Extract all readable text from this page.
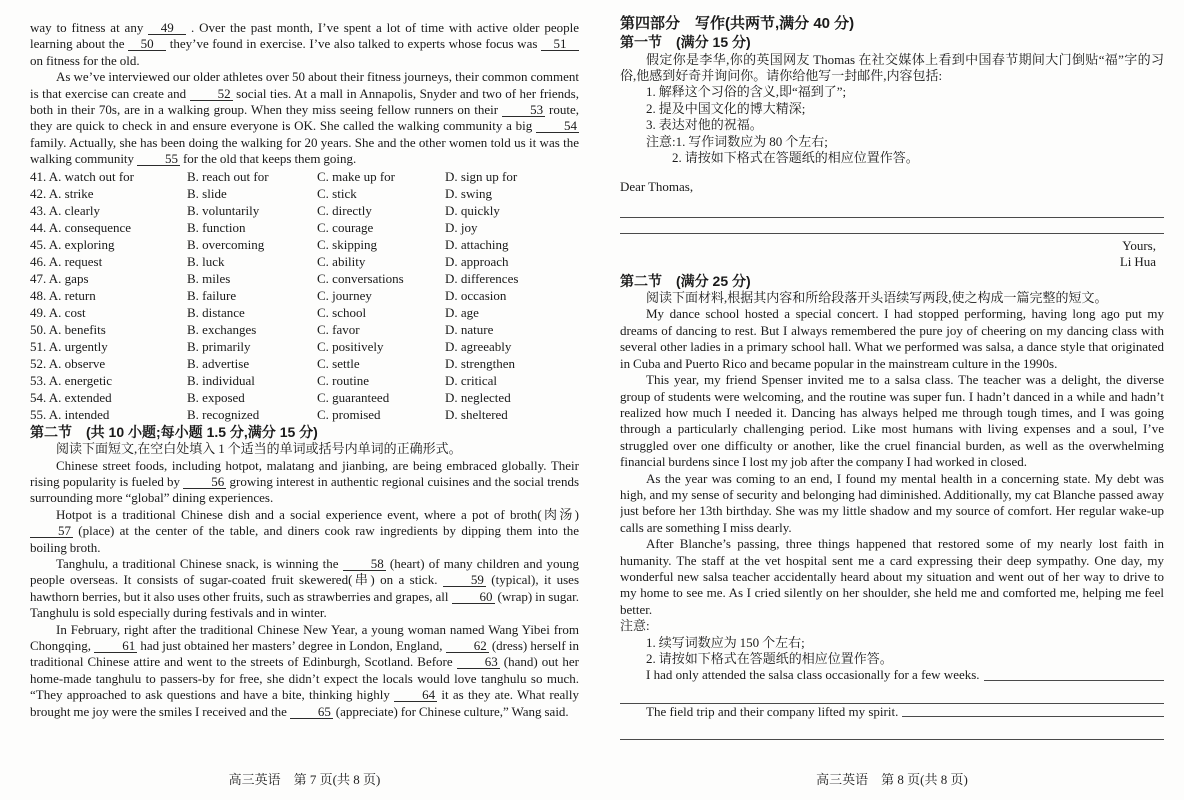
way to fitness at any 49 . Over the past month, I’ve spent a lot of time with active older people learning about the 50 they’ve found in exercise. I’ve also talked to experts whose focus was 51 on fitness for the old.

As we’ve interviewed our older athletes over 50 about their fitness journeys, their common comment is that exercise can create and 52 social ties. At a mall in Annapolis, Snyder and two of her friends, both in their 70s, are in a walking group. When they miss seeing fellow runners on their 53 route, they are quick to check in and ensure everyone is OK. She called the walking community a big 54 family. Actually, she has been doing the walking for 20 years. She and the other women told us it was the walking community 55 for the old that keeps them going.

41. A. watch out for	B. reach out for	C. make up for	D. sign up for
42. A. strike	B. slide	C. stick	D. swing
43. A. clearly	B. voluntarily	C. directly	D. quickly
44. A. consequence	B. function	C. courage	D. joy
45. A. exploring	B. overcoming	C. skipping	D. attaching
46. A. request	B. luck	C. ability	D. approach
47. A. gaps	B. miles	C. conversations	D. differences
48. A. return	B. failure	C. journey	D. occasion
49. A. cost	B. distance	C. school	D. age
50. A. benefits	B. exchanges	C. favor	D. nature
51. A. urgently	B. primarily	C. positively	D. agreeably
52. A. observe	B. advertise	C. settle	D. strengthen
53. A. energetic	B. individual	C. routine	D. critical
54. A. extended	B. exposed	C. guaranteed	D. neglected
55. A. intended	B. recognized	C. promised	D. sheltered
第二节　(共 10 小题;每小题 1.5 分,满分 15 分)

阅读下面短文,在空白处填入 1 个适当的单词或括号内单词的正确形式。

Chinese street foods, including hotpot, malatang and jianbing, are being embraced globally. Their rising popularity is fueled by 56 growing interest in authentic regional cuisines and the social trends surrounding more “global” dining experiences.

Hotpot is a traditional Chinese dish and a social experience event, where a pot of broth(肉汤) 57 (place) at the center of the table, and diners cook raw ingredients by dipping them into the boiling broth.

Tanghulu, a traditional Chinese snack, is winning the 58 (heart) of many children and young people overseas. It consists of sugar-coated fruit skewered(串) on a stick. 59 (typical), it uses hawthorn berries, but it also uses other fruits, such as strawberries and grapes, all 60 (wrap) in sugar. Tanghulu is sold especially during festivals and in winter.

In February, right after the traditional Chinese New Year, a young woman named Wang Yibei from Chongqing, 61 had just obtained her masters’ degree in London, England, 62 (dress) herself in traditional Chinese attire and went to the streets of Edinburgh, Scotland. Before 63 (hand) out her home-made tanghulu to passers-by for free, she didn’t expect the locals would love tanghulu so much. “They approached to ask questions and have a bite, thinking highly 64 it as they ate. What really brought me joy were the smiles I received and the 65 (appreciate) for Chinese culture,” Wang said.

高三英语　第 7 页(共 8 页)
第四部分　写作(共两节,满分 40 分)
第一节　(满分 15 分)

假定你是李华,你的英国网友 Thomas 在社交媒体上看到中国春节期间大门倒贴“福”字的习俗,他感到好奇并询问你。请你给他写一封邮件,内容包括:

1. 解释这个习俗的含义,即“福到了”;
2. 提及中国文化的博大精深;
3. 表达对他的祝福。

注意:1. 写作词数应为 80 个左右;

2. 请按如下格式在答题纸的相应位置作答。

Dear Thomas,

Yours,

Li Hua

第二节　(满分 25 分)

阅读下面材料,根据其内容和所给段落开头语续写两段,使之构成一篇完整的短文。

My dance school hosted a special concert. I had stopped performing, having long ago put my dreams of dancing to rest. But I always remembered the pure joy of cheering on my dancing class with several other ladies in a primary school hall. What we performed was salsa, a dance style that originated in Cuba and Puerto Rico and became popular in the mainstream culture in the 1990s.

This year, my friend Spenser invited me to a salsa class. The teacher was a delight, the diverse group of students were welcoming, and the routine was super fun. I hadn’t danced in a while and hadn’t realized how much I needed it. Dancing has always helped me through tough times, and I was going through a particularly challenging period. Like most humans with living expenses and a soul, I’ve struggled over one difficulty or another, like the cruel financial burden, as well as the overwhelming financial burdens since I lost my job after the company I had worked in closed.

As the year was coming to an end, I found my mental health in a concerning state. My debt was high, and my sense of security and belonging had diminished. Additionally, my cat Blanche passed away just before her 13th birthday. She was my little shadow and my source of comfort. Her regular wake-up calls are something I miss dearly.

After Blanche’s passing, three things happened that restored some of my nearly lost faith in humanity. The staff at the vet hospital sent me a card expressing their deep sympathy. One day, my wonderful new salsa teacher accidentally heard about my situation and went out of her way to drive to my home to see me. As I cried silently on her shoulder, she held me and comforted me, helping me feel better.

注意:

1. 续写词数应为 150 个左右;
2. 请按如下格式在答题纸的相应位置作答。
I had only attended the salsa class occasionally for a few weeks.
The field trip and their company lifted my spirit.
高三英语　第 8 页(共 8 页)
